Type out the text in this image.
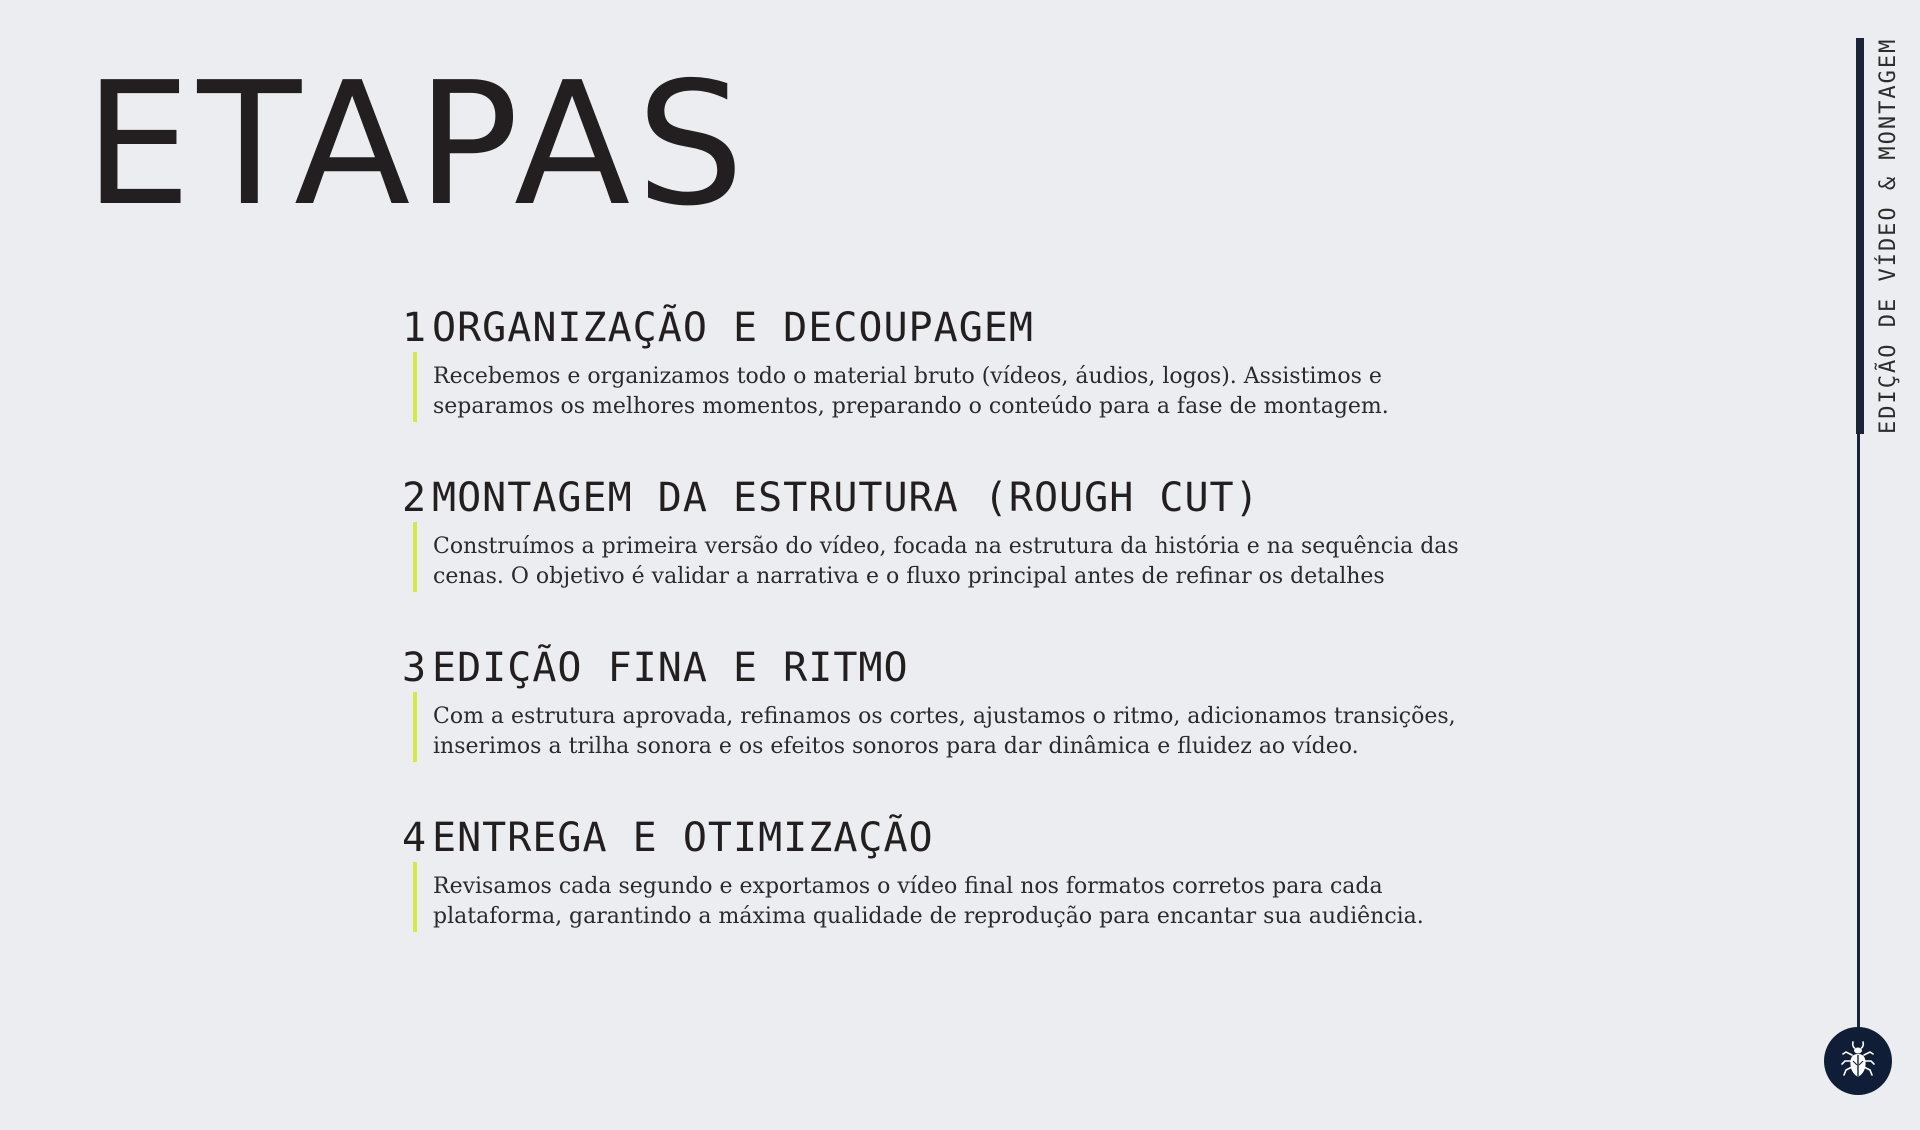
ETAPAS
1 ORGANIZAÇÃO E DECOUPAGEM
Recebemos e organizamos todo o material bruto (vídeos, áudios, logos). Assistimos e separamos os melhores momentos, preparando o conteúdo para a fase de montagem.
2 MONTAGEM DA ESTRUTURA (ROUGH CUT)
Construímos a primeira versão do vídeo, focada na estrutura da história e na sequência das cenas. O objetivo é validar a narrativa e o fluxo principal antes de refinar os detalhes
3 EDIÇÃO FINA E RITMO
Com a estrutura aprovada, refinamos os cortes, ajustamos o ritmo, adicionamos transições, inserimos a trilha sonora e os efeitos sonoros para dar dinâmica e fluidez ao vídeo.
4 ENTREGA E OTIMIZAÇÃO
Revisamos cada segundo e exportamos o vídeo final nos formatos corretos para cada plataforma, garantindo a máxima qualidade de reprodução para encantar sua audiência.
EDIÇÃO DE VÍDEO & MONTAGEM
